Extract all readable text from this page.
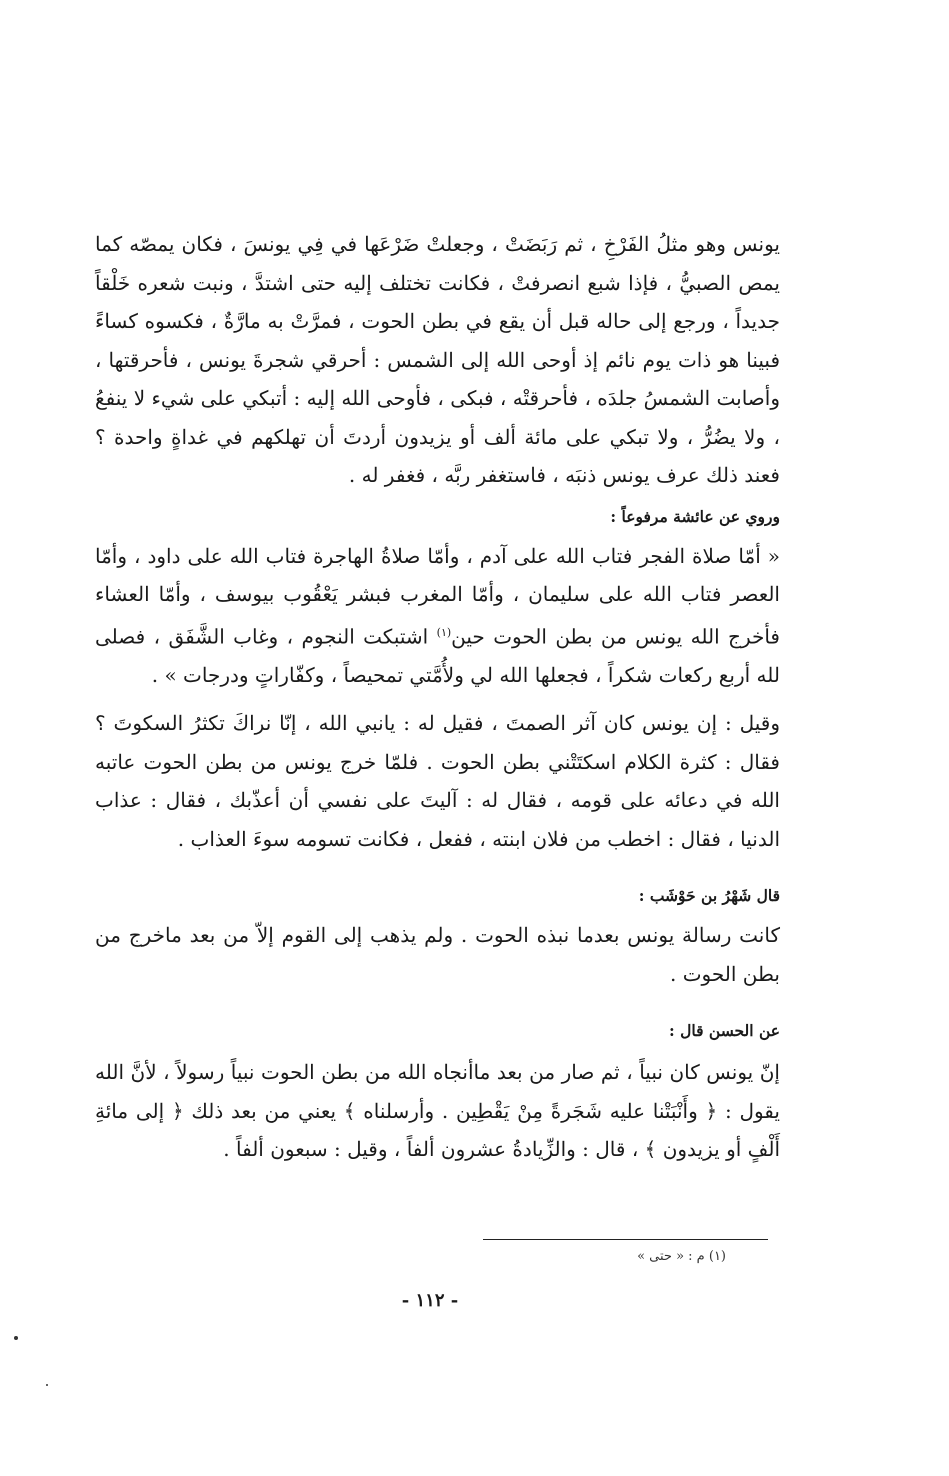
يونس وهو مثلُ الفَرْخِ ، ثم رَبَضَتْ ، وجعلتْ ضَرْعَها في فِي يونسَ ، فكان يمصّه كما يمص الصبيُّ ، فإذا شبع انصرفتْ ، فكانت تختلف إليه حتى اشتدَّ ، ونبت شعره خَلْقاً جديداً ، ورجع إلى حاله قبل أن يقع في بطن الحوت ، فمرَّتْ به مارَّةٌ ، فكسوه كساءً فبينا هو ذات يوم نائم إذ أوحى الله إلى الشمس : أحرقي شجرةَ يونس ، فأحرقتها ، وأصابت الشمسُ جلدَه ، فأحرقتْه ، فبكى ، فأوحى الله إليه : أتبكي على شيء لا ينفعُ ، ولا يضُرُّ ، ولا تبكي على مائة ألف أو يزيدون أردتَ أن تهلكهم في غداةٍ واحدة ؟ فعند ذلك عرف يونس ذنبَه ، فاستغفر ربَّه ، فغفر له .

وروي عن عائشة مرفوعاً :

« أمّا صلاة الفجر فتاب الله على آدم ، وأمّا صلاةُ الهاجرة فتاب الله على داود ، وأمّا العصر فتاب الله على سليمان ، وأمّا المغرب فبشر يَعْقُوب بيوسف ، وأمّا العشاء فأخرج الله يونس من بطن الحوت حين$^{(١)}$ اشتبكت النجوم ، وغاب الشَّفَق ، فصلى لله أربع ركعات شكراً ، فجعلها الله لي ولأُمَّتي تمحيصاً ، وكفّاراتٍ ودرجات » .

وقيل : إن يونس كان آثر الصمتَ ، فقيل له : يانبي الله ، إنّا نراكَ تكثرُ السكوتَ ؟ فقال : كثرة الكلام اسكتَتْني بطن الحوت . فلمّا خرج يونس من بطن الحوت عاتبه الله في دعائه على قومه ، فقال له : آليتَ على نفسي أن أعذّبك ، فقال : عذاب الدنيا ، فقال : اخطب من فلان ابنته ، ففعل ، فكانت تسومه سوءَ العذاب .

قال شَهْرُ بن حَوْشَب :

كانت رسالة يونس بعدما نبذه الحوت . ولم يذهب إلى القوم إلاّ من بعد ماخرج من بطن الحوت .

عن الحسن قال :

إنّ يونس كان نبياً ، ثم صار من بعد ماأنجاه الله من بطن الحوت نبياً رسولاً ، لأنَّ الله يقول : ﴿ وأَنْبَتْنا عليه شَجَرةً مِنْ يَقْطِين . وأرسلناه ﴾ يعني من بعد ذلك ﴿ إلى مائةِ أَلْفٍ أو يزيدون ﴾ ، قال : والزِّيادةُ عشرون ألفاً ، وقيل : سبعون ألفاً .

(١) م : « حتى »
- ١١٢ -
